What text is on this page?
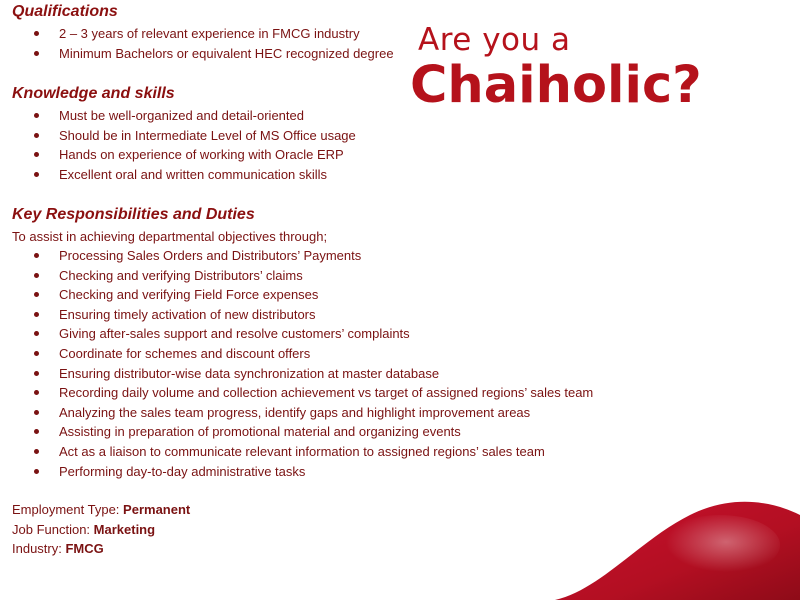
Qualifications
2 – 3 years of relevant experience in FMCG industry
Minimum Bachelors or equivalent HEC recognized degree
Knowledge and skills
Must be well-organized and detail-oriented
Should be in Intermediate Level of MS Office usage
Hands on experience of working with Oracle ERP
Excellent oral and written communication skills
Key Responsibilities and Duties
To assist in achieving departmental objectives through;
Processing Sales Orders and Distributors’ Payments
Checking and verifying Distributors’ claims
Checking and verifying Field Force expenses
Ensuring timely activation of new distributors
Giving after-sales support and resolve customers’ complaints
Coordinate for schemes and discount offers
Ensuring distributor-wise data synchronization at master database
Recording daily volume and collection achievement vs target of assigned regions’ sales team
Analyzing the sales team progress, identify gaps and highlight improvement areas
Assisting in preparation of promotional material and organizing events
Act as a liaison to communicate relevant information to assigned regions’ sales team
Performing day-to-day administrative tasks
Employment Type: Permanent
Job Function: Marketing
Industry: FMCG
Are you a
Chaiholic?
